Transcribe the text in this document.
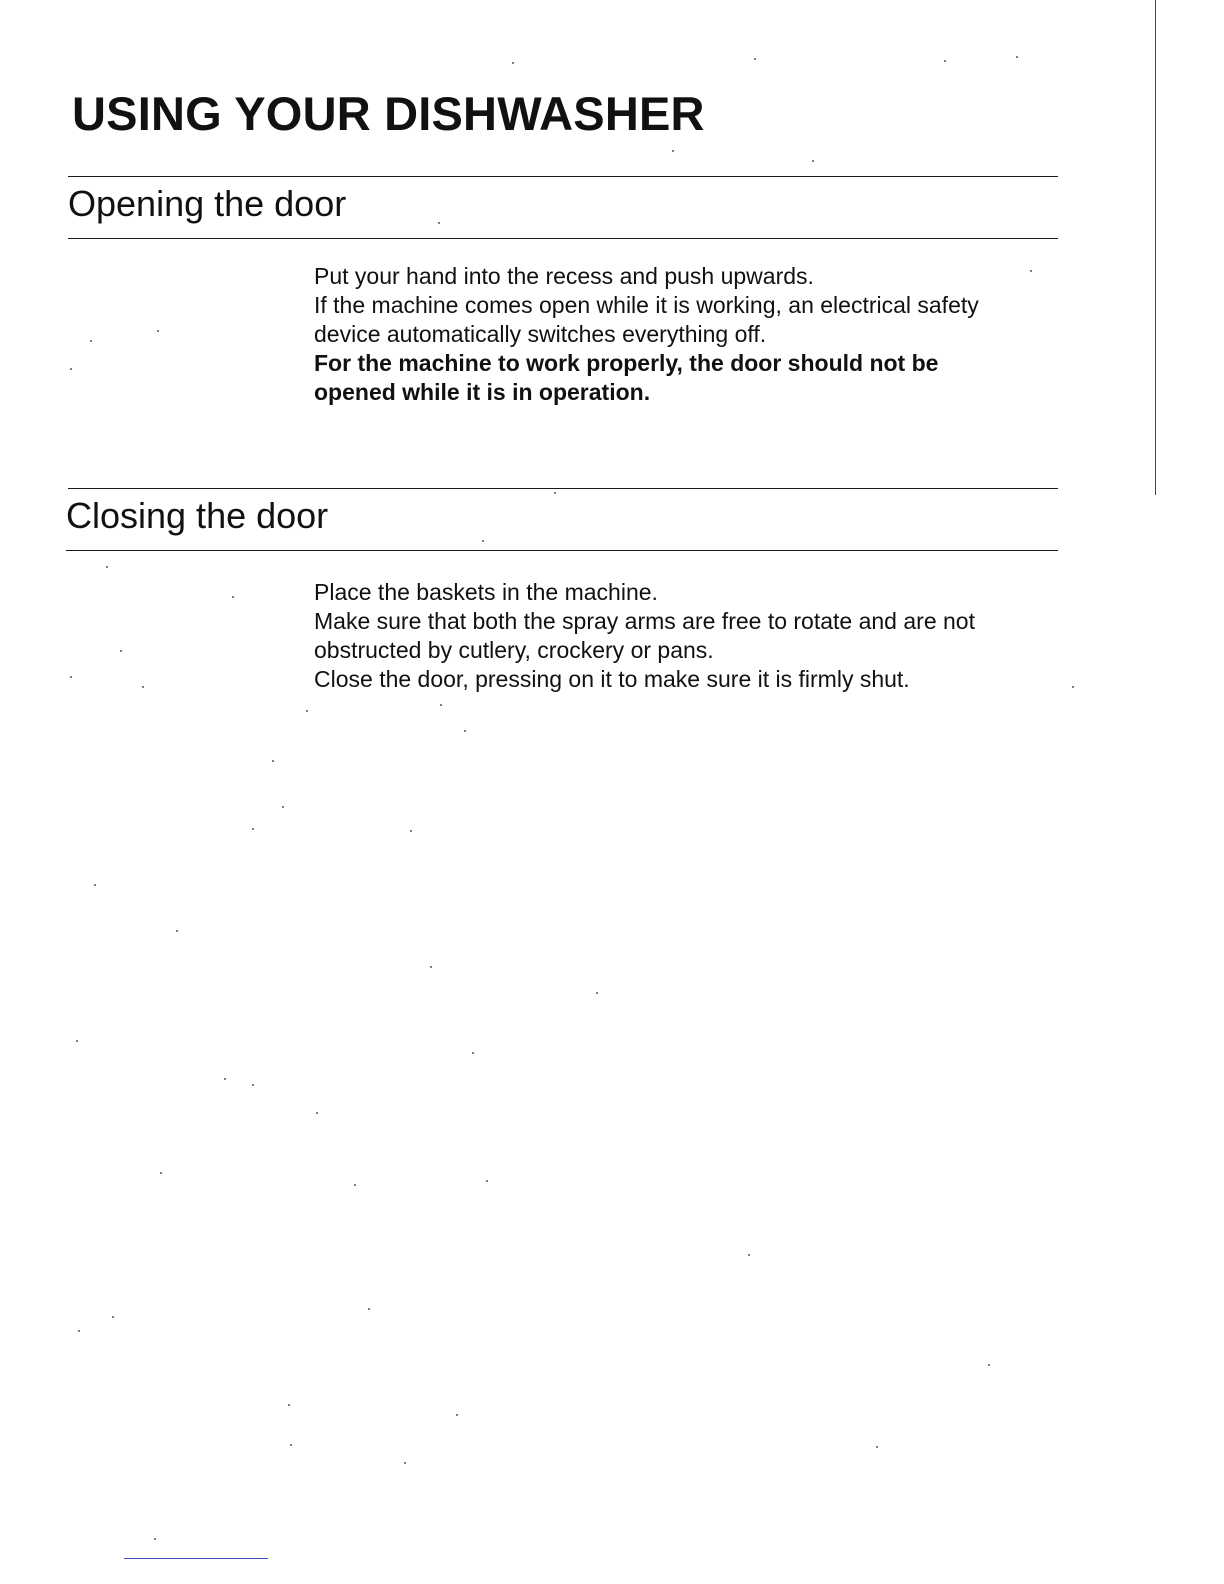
USING YOUR DISHWASHER
Opening the door

Put your hand into the recess and push upwards.

If the machine comes open while it is working, an electrical safety

device automatically switches everything off.

For the machine to work properly, the door should not be

opened while it is in operation.

Closing the door

Place the baskets in the machine.

Make sure that both the spray arms are free to rotate and are not

obstructed by cutlery, crockery or pans.

Close the door, pressing on it to make sure it is firmly shut.
